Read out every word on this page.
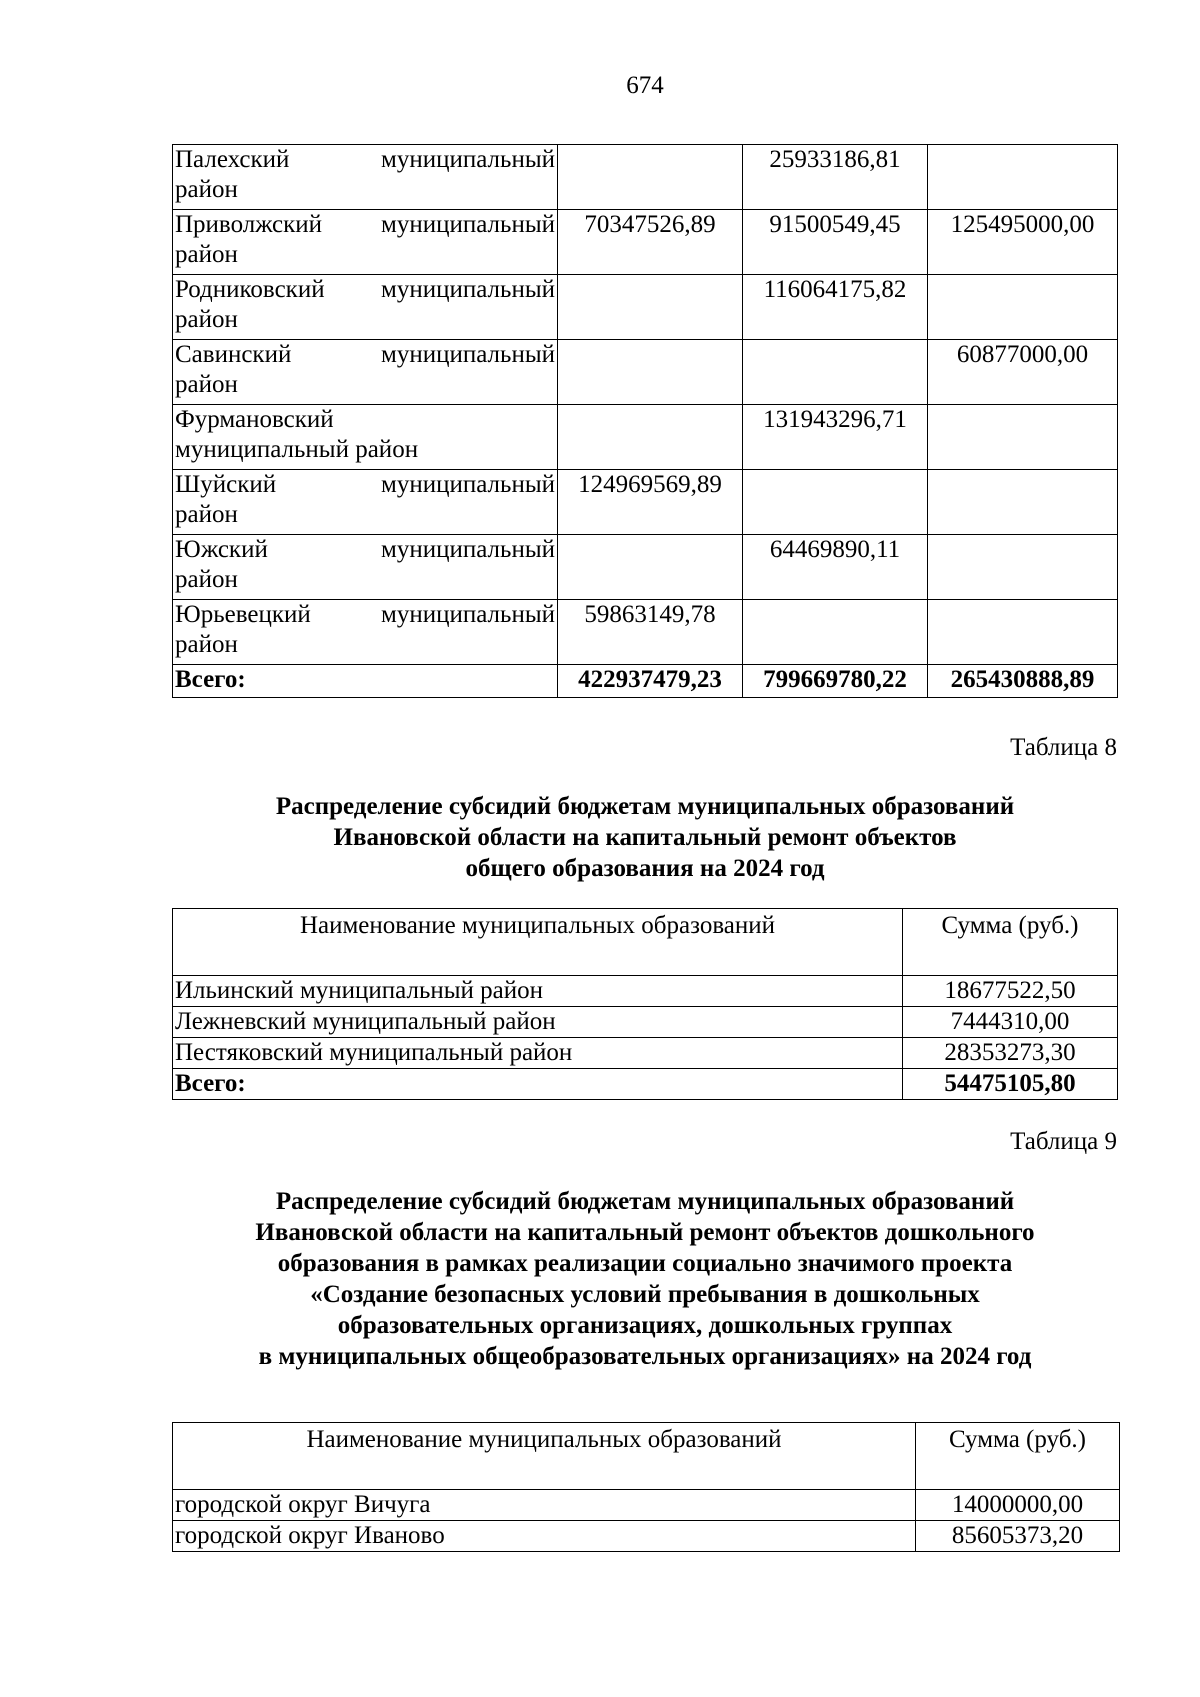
674
Палехский муниципальный
район		25933186,81	

Приволжский муниципальный
район	70347526,89	91500549,45	125495000,00

Родниковский муниципальный
район		116064175,82	

Савинский муниципальный
район			60877000,00

Фурмановский
муниципальный район		131943296,71	

Шуйский муниципальный
район	124969569,89		

Южский муниципальный
район		64469890,11	

Юрьевецкий муниципальный
район	59863149,78		
Всего:	422937479,23	799669780,22	265430888,89
Таблица 8
Распределение субсидий бюджетам муниципальных образований
Ивановской области на капитальный ремонт объектов
общего образования на 2024 год
Наименование муниципальных образований	Сумма (руб.)
Ильинский муниципальный район	18677522,50
Лежневский муниципальный район	7444310,00
Пестяковский муниципальный район	28353273,30
Всего:	54475105,80
Таблица 9
Распределение субсидий бюджетам муниципальных образований
Ивановской области на капитальный ремонт объектов дошкольного
образования в рамках реализации социально значимого проекта
«Создание безопасных условий пребывания в дошкольных
образовательных организациях, дошкольных группах
в муниципальных общеобразовательных организациях» на 2024 год
Наименование муниципальных образований	Сумма (руб.)
городской округ Вичуга	14000000,00
городской округ Иваново	85605373,20
